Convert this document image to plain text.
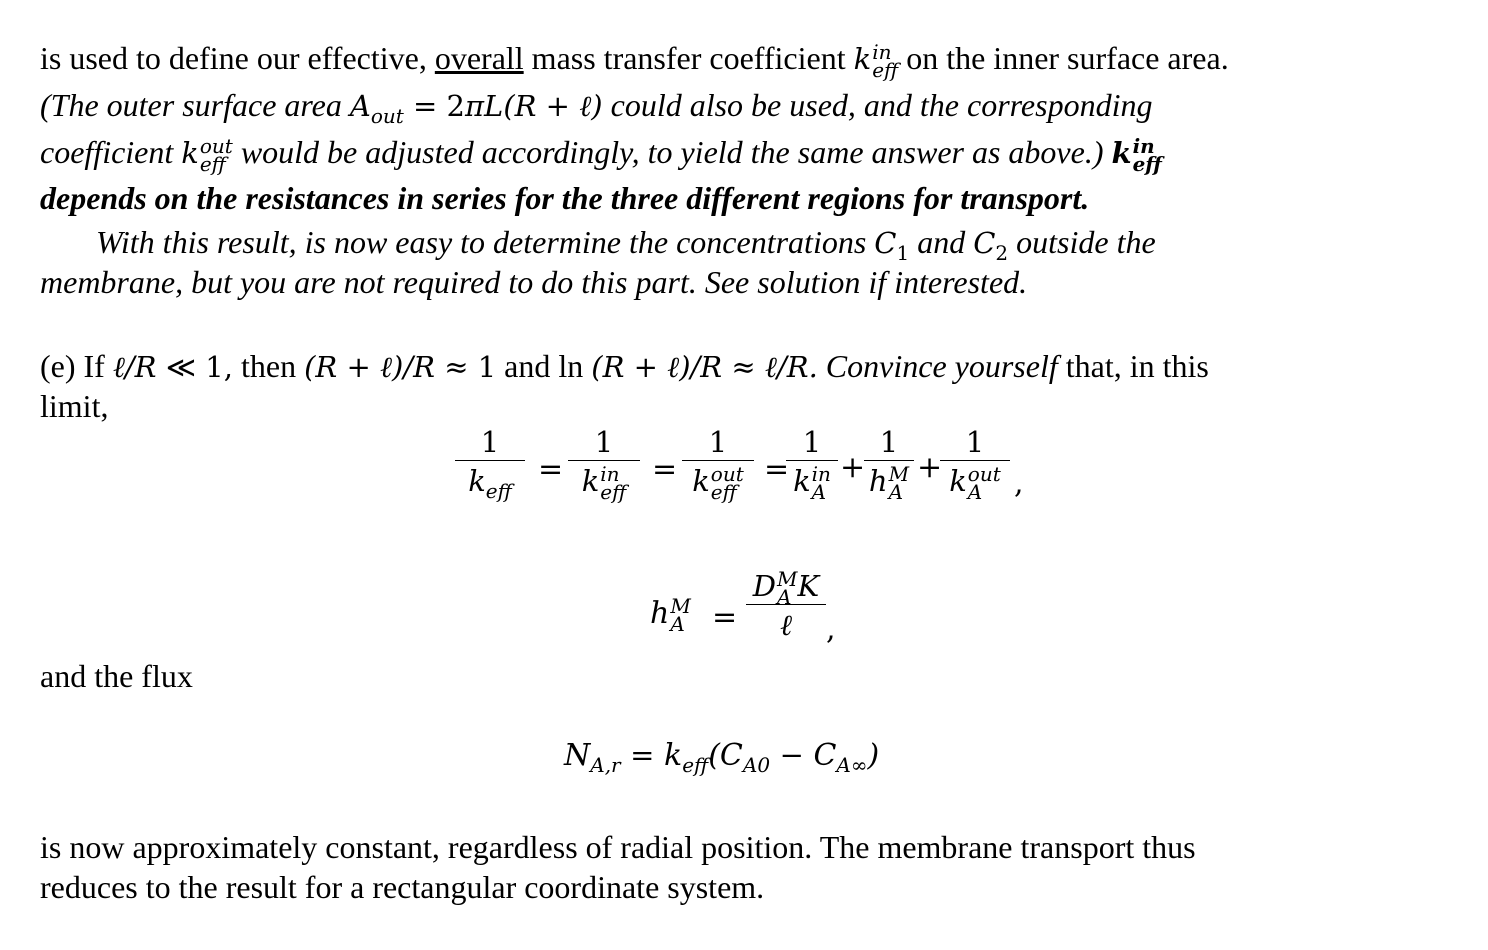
is used to define our effective, overall mass transfer coefficient k in
eff on the inner surface area.
(The outer surface area $A_{out} = 2\pi L(R$ + ℓ) could also be used, and the corresponding
coefficient k out
eff would be adjusted accordingly, to yield the same answer as above.) k in
eff
depends on the resistances in series for the three different regions for transport.
With this result, is now easy to determine the concentrations $C_1$ and $C_2$ outside the
membrane, but you are not required to do this part. See solution if interested.
(e) If ℓ/R ≪ 1, then (R + ℓ)/R ≈ 1 and ln (R + ℓ)/R ≈ ℓ/R. Convince yourself that, in this
limit,
1
$k_{eff}$
=
1
k in
eff
=
1
k out
eff
=
1
k in
A
+
1
ℎ M
A
+
1
k out
A	,
ℎ M
A =
D M
A K
ℓ	,
and the flux
$N_{A,r} = k_{eff}(C_{A0} - C_{A\infty})$
is now approximately constant, regardless of radial position. The membrane transport thus
reduces to the result for a rectangular coordinate system.
